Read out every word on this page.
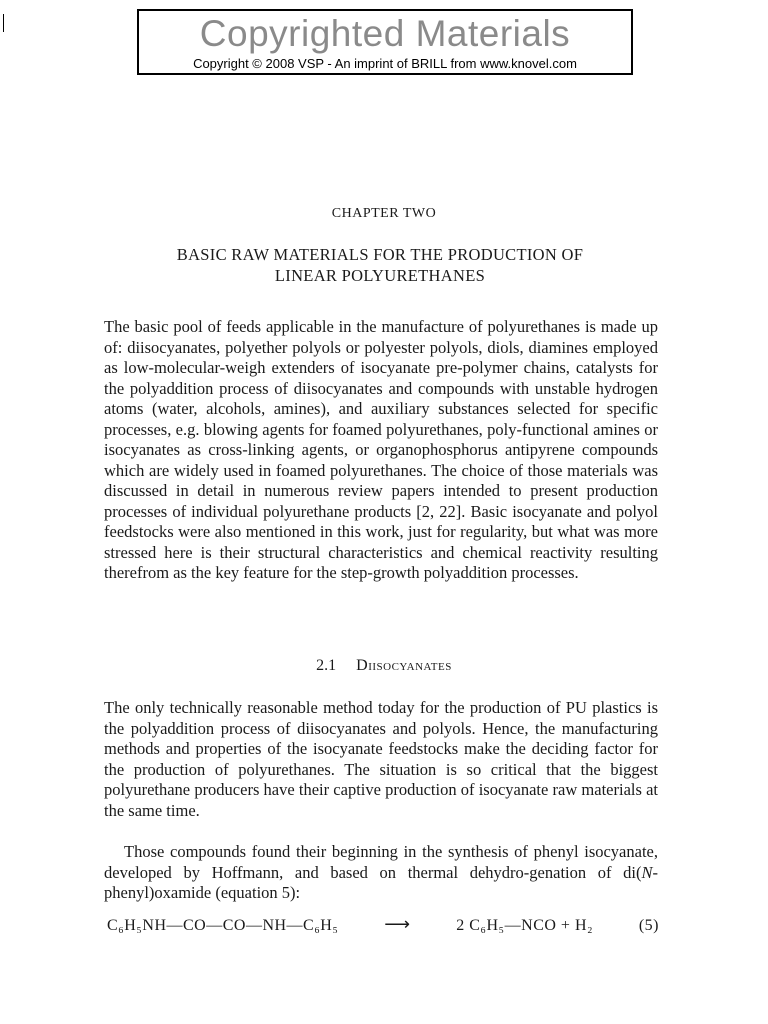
Copyrighted Materials
Copyright © 2008 VSP - An imprint of BRILL from www.knovel.com
CHAPTER TWO
BASIC RAW MATERIALS FOR THE PRODUCTION OF
LINEAR POLYURETHANES
The basic pool of feeds applicable in the manufacture of polyurethanes is made up of: diisocyanates, polyether polyols or polyester polyols, diols, diamines employed as low-molecular-weigh extenders of isocyanate pre-polymer chains, catalysts for the polyaddition process of diisocyanates and compounds with unstable hydrogen atoms (water, alcohols, amines), and auxiliary substances selected for specific processes, e.g. blowing agents for foamed polyurethanes, poly-functional amines or isocyanates as cross-linking agents, or organophosphorus antipyrene compounds which are widely used in foamed polyurethanes. The choice of those materials was discussed in detail in numerous review papers intended to present production processes of individual polyurethane products [2, 22]. Basic isocyanate and polyol feedstocks were also mentioned in this work, just for regularity, but what was more stressed here is their structural characteristics and chemical reactivity resulting therefrom as the key feature for the step-growth polyaddition processes.
2.1 Diisocyanates
The only technically reasonable method today for the production of PU plastics is the polyaddition process of diisocyanates and polyols. Hence, the manufacturing methods and properties of the isocyanate feedstocks make the deciding factor for the production of polyurethanes. The situation is so critical that the biggest polyurethane producers have their captive production of isocyanate raw materials at the same time.
Those compounds found their beginning in the synthesis of phenyl isocyanate, developed by Hoffmann, and based on thermal dehydro-genation of di(N-phenyl)oxamide (equation 5):
C₆H₅NH—CO—CO—NH—C₆H₅	⟶	2 C₆H₅—NCO + H₂	(5)
